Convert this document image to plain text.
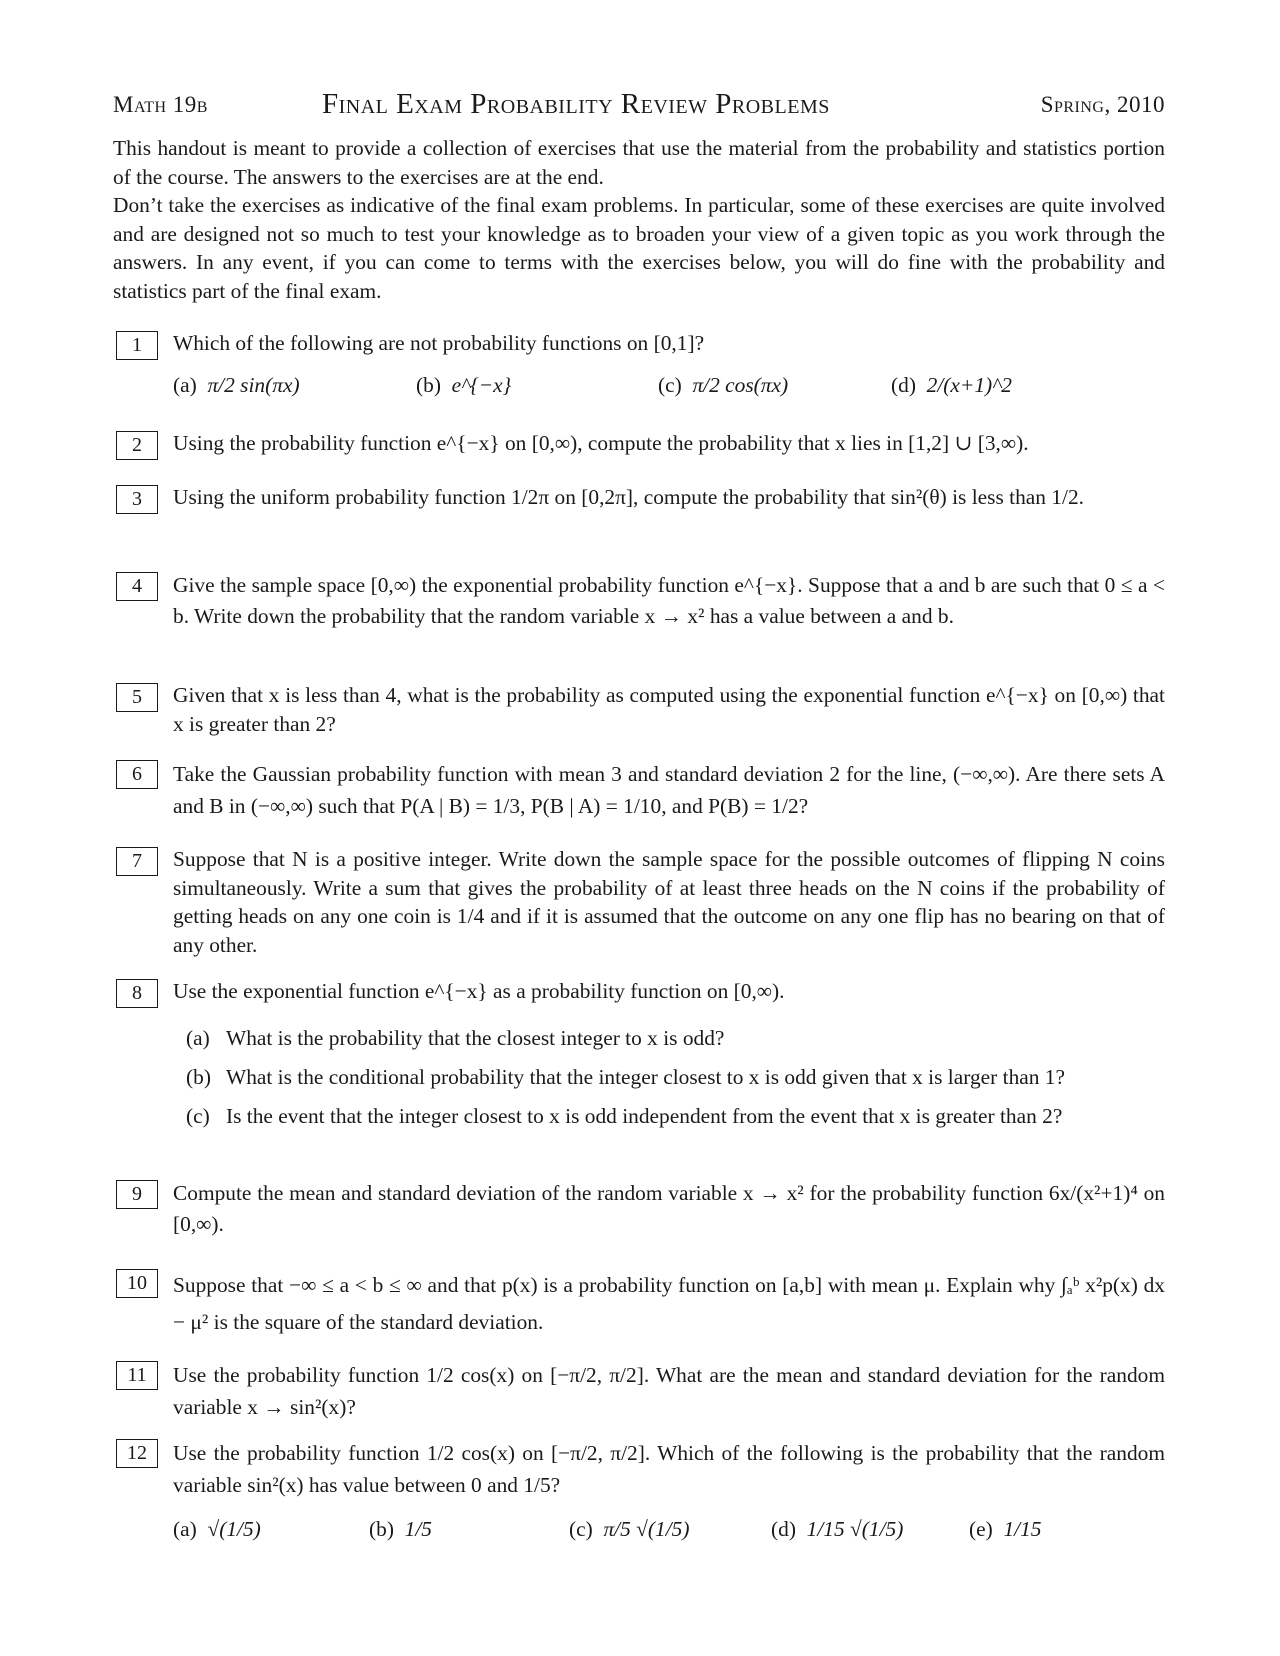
Math 19b	Final Exam Probability Review Problems	Spring, 2010

This handout is meant to provide a collection of exercises that use the material from the probability and statistics portion of the course. The answers to the exercises are at the end.

Don’t take the exercises as indicative of the final exam problems. In particular, some of these exercises are quite involved and are designed not so much to test your knowledge as to broaden your view of a given topic as you work through the answers. In any event, if you can come to terms with the exercises below, you will do fine with the probability and statistics part of the final exam.

1	Which of the following are not probability functions on [0,1]?
(a) π/2 sin(πx)	(b) e^{−x}	(c) π/2 cos(πx)	(d) 2/(x+1)^2
2	Using the probability function e^{−x} on [0,∞), compute the probability that x lies in [1,2] ∪ [3,∞).
3	Using the uniform probability function 1/2π on [0,2π], compute the probability that sin²(θ) is less than 1/2.
4	Give the sample space [0,∞) the exponential probability function e^{−x}. Suppose that a and b are such that 0 ≤ a < b. Write down the probability that the random variable x → x² has a value between a and b.
5	Given that x is less than 4, what is the probability as computed using the exponential function e^{−x} on [0,∞) that x is greater than 2?
6	Take the Gaussian probability function with mean 3 and standard deviation 2 for the line, (−∞,∞). Are there sets A and B in (−∞,∞) such that P(A | B) = 1/3, P(B | A) = 1/10, and P(B) = 1/2?
7	Suppose that N is a positive integer. Write down the sample space for the possible outcomes of flipping N coins simultaneously. Write a sum that gives the probability of at least three heads on the N coins if the probability of getting heads on any one coin is 1/4 and if it is assumed that the outcome on any one flip has no bearing on that of any other.
8	Use the exponential function e^{−x} as a probability function on [0,∞).
(a) What is the probability that the closest integer to x is odd?
(b) What is the conditional probability that the integer closest to x is odd given that x is larger than 1?
(c) Is the event that the integer closest to x is odd independent from the event that x is greater than 2?
9	Compute the mean and standard deviation of the random variable x → x² for the probability function 6x/(x²+1)⁴ on [0,∞).
10	Suppose that −∞ ≤ a < b ≤ ∞ and that p(x) is a probability function on [a,b] with mean μ. Explain why ∫ₐᵇ x²p(x) dx − μ² is the square of the standard deviation.
11	Use the probability function 1/2 cos(x) on [−π/2, π/2]. What are the mean and standard deviation for the random variable x → sin²(x)?
12	Use the probability function 1/2 cos(x) on [−π/2, π/2]. Which of the following is the probability that the random variable sin²(x) has value between 0 and 1/5?
(a) √(1/5)	(b) 1/5	(c) π/5 √(1/5)	(d) 1/15 √(1/5)	(e) 1/15
